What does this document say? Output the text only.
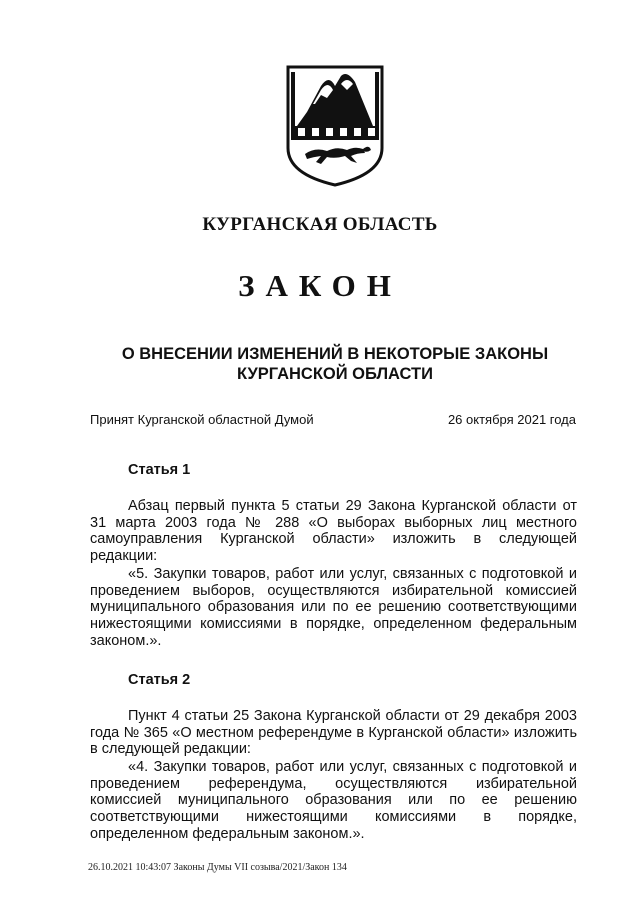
КУРГАНСКАЯ ОБЛАСТЬ
ЗАКОН
О ВНЕСЕНИИ ИЗМЕНЕНИЙ В НЕКОТОРЫЕ ЗАКОНЫ
КУРГАНСКОЙ ОБЛАСТИ
Принят Курганской областной Думой	26 октября 2021 года
Статья 1

Абзац первый пункта 5 статьи 29 Закона Курганской области от 31 марта 2003 года № 288 «О выборах выборных лиц местного самоуправления Курганской области» изложить в следующей редакции:

«5. Закупки товаров, работ или услуг, связанных с подготовкой и проведением выборов, осуществляются избирательной комиссией муниципального образования или по ее решению соответствующими нижестоящими комиссиями в порядке, определенном федеральным законом.».

Статья 2

Пункт 4 статьи 25 Закона Курганской области от 29 декабря 2003 года № 365 «О местном референдуме в Курганской области» изложить в следующей редакции:

«4. Закупки товаров, работ или услуг, связанных с подготовкой и проведением референдума, осуществляются избирательной комиссией муниципального образования или по ее решению соответствующими нижестоящими комиссиями в порядке, определенном федеральным законом.».

26.10.2021 10:43:07 Законы Думы VII созыва/2021/Закон 134
